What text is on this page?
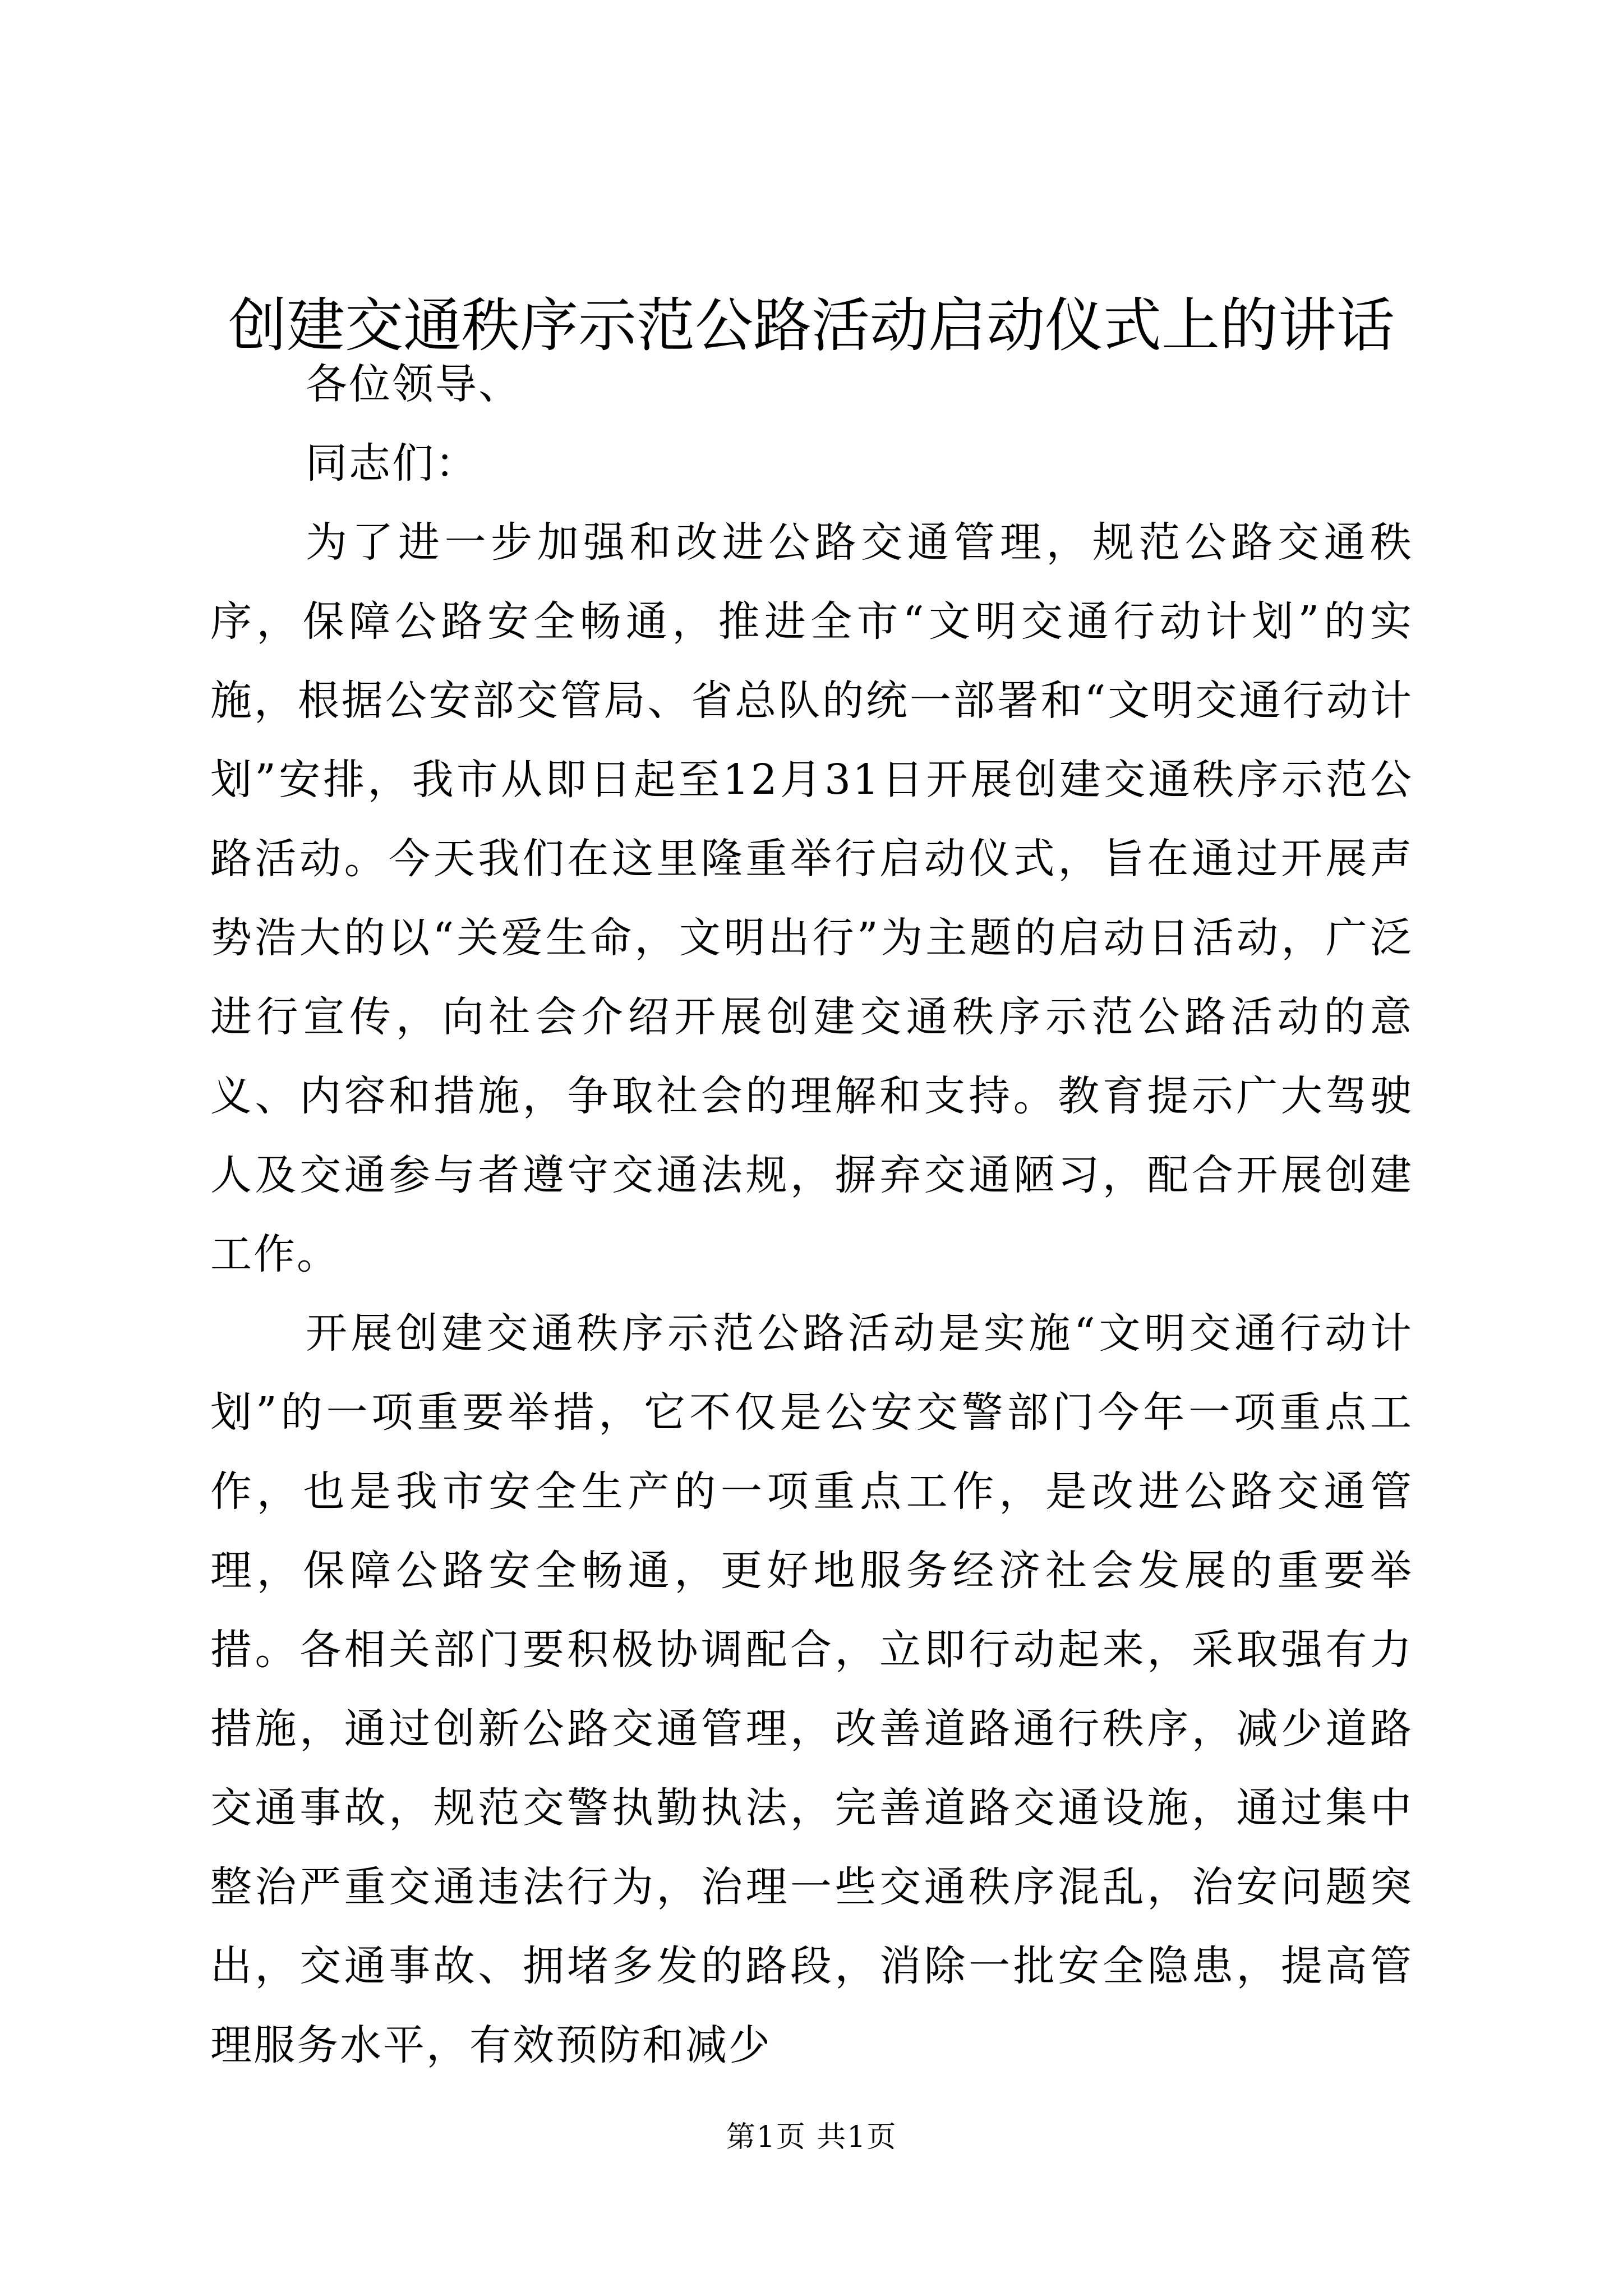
创建交通秩序示范公路活动启动仪式上的讲话

各位领导、

同志们：

为了进一步加强和改进公路交通管理，规范公路交通秩序，保障公路安全畅通，推进全市“文明交通行动计划”的实施，根据公安部交管局、省总队的统一部署和“文明交通行动计划”安排，我市从即日起至12月31日开展创建交通秩序示范公路活动。今天我们在这里隆重举行启动仪式，旨在通过开展声势浩大的以“关爱生命，文明出行”为主题的启动日活动，广泛进行宣传，向社会介绍开展创建交通秩序示范公路活动的意义、内容和措施，争取社会的理解和支持。教育提示广大驾驶人及交通参与者遵守交通法规，摒弃交通陋习，配合开展创建工作。

开展创建交通秩序示范公路活动是实施“文明交通行动计划”的一项重要举措，它不仅是公安交警部门今年一项重点工作，也是我市安全生产的一项重点工作，是改进公路交通管理，保障公路安全畅通，更好地服务经济社会发展的重要举措。各相关部门要积极协调配合，立即行动起来，采取强有力措施，通过创新公路交通管理，改善道路通行秩序，减少道路交通事故，规范交警执勤执法，完善道路交通设施，通过集中整治严重交通违法行为，治理一些交通秩序混乱，治安问题突出，交通事故、拥堵多发的路段，消除一批安全隐患，提高管理服务水平，有效预防和减少

第1页 共1页
